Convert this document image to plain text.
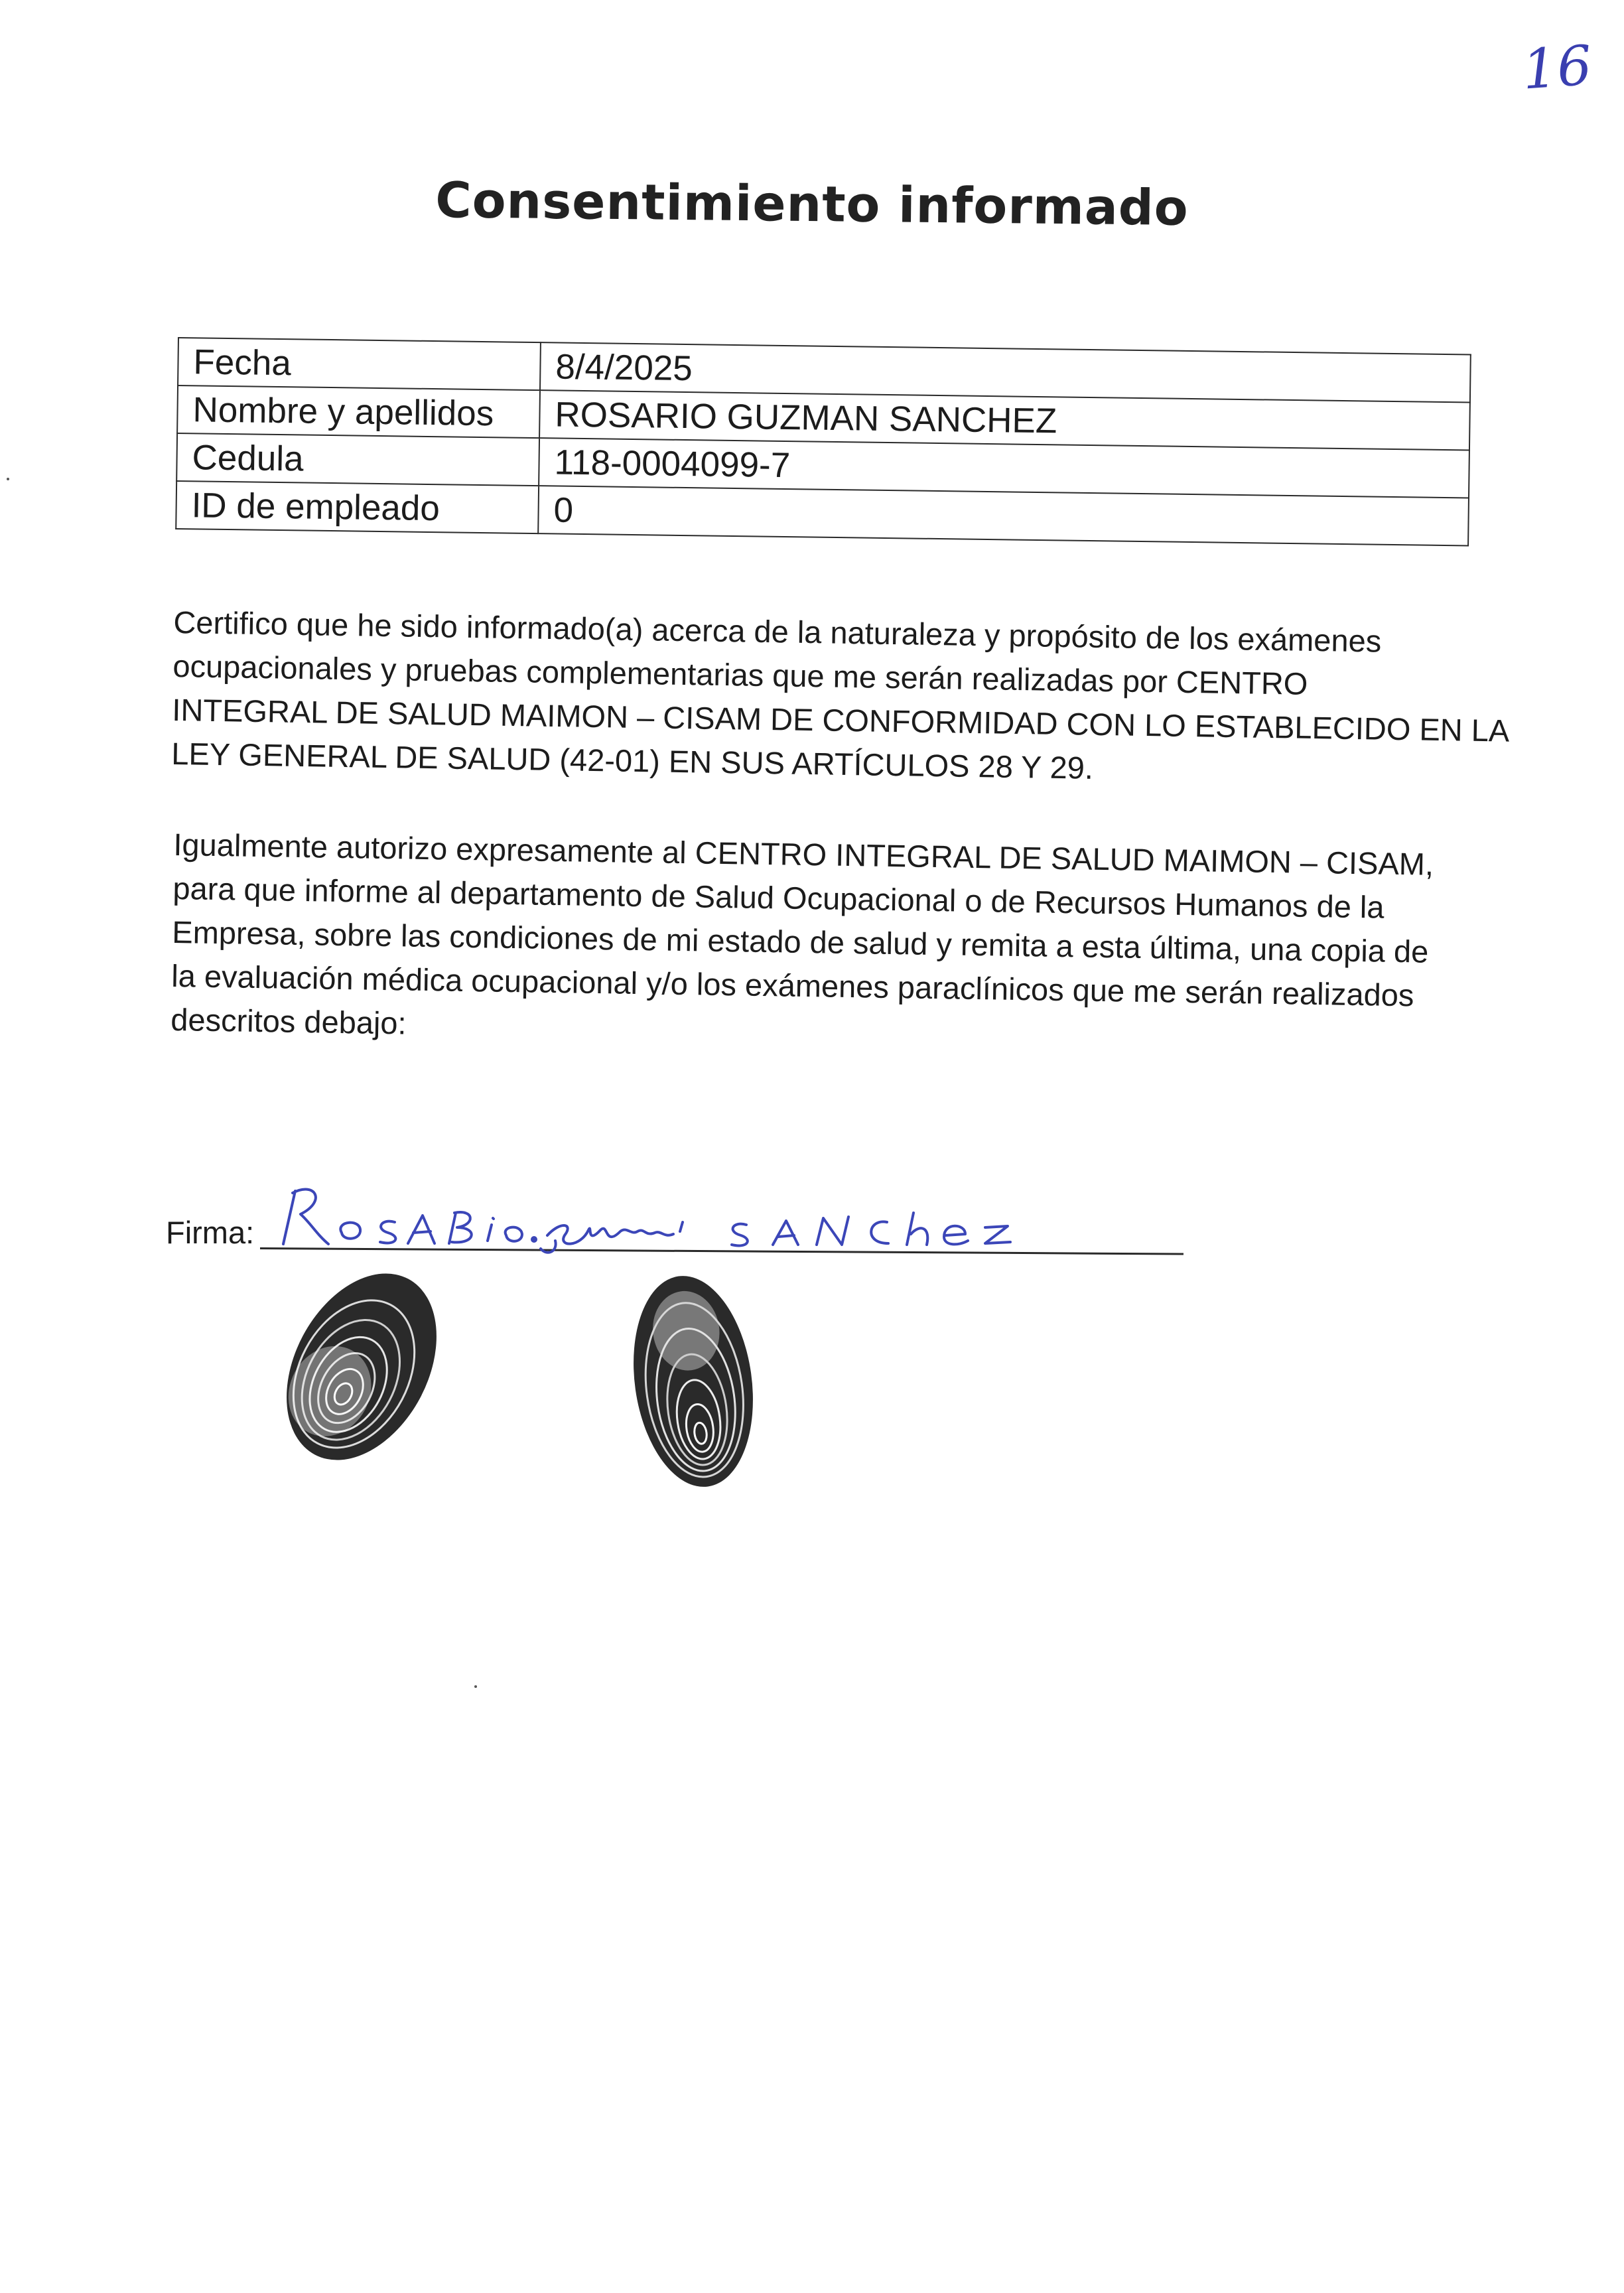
16
Consentimiento informado
Fecha	8/4/2025
Nombre y apellidos	ROSARIO GUZMAN SANCHEZ
Cedula	118-0004099-7
ID de empleado	0
Certifico que he sido informado(a) acerca de la naturaleza y propósito de los exámenes
ocupacionales y pruebas complementarias que me serán realizadas por CENTRO
INTEGRAL DE SALUD MAIMON – CISAM DE CONFORMIDAD CON LO ESTABLECIDO EN LA
LEY GENERAL DE SALUD (42-01) EN SUS ARTÍCULOS 28 Y 29.
Igualmente autorizo expresamente al CENTRO INTEGRAL DE SALUD MAIMON – CISAM,
para que informe al departamento de Salud Ocupacional o de Recursos Humanos de la
Empresa, sobre las condiciones de mi estado de salud y remita a esta última, una copia de
la evaluación médica ocupacional y/o los exámenes paraclínicos que me serán realizados
descritos debajo:
Firma:
